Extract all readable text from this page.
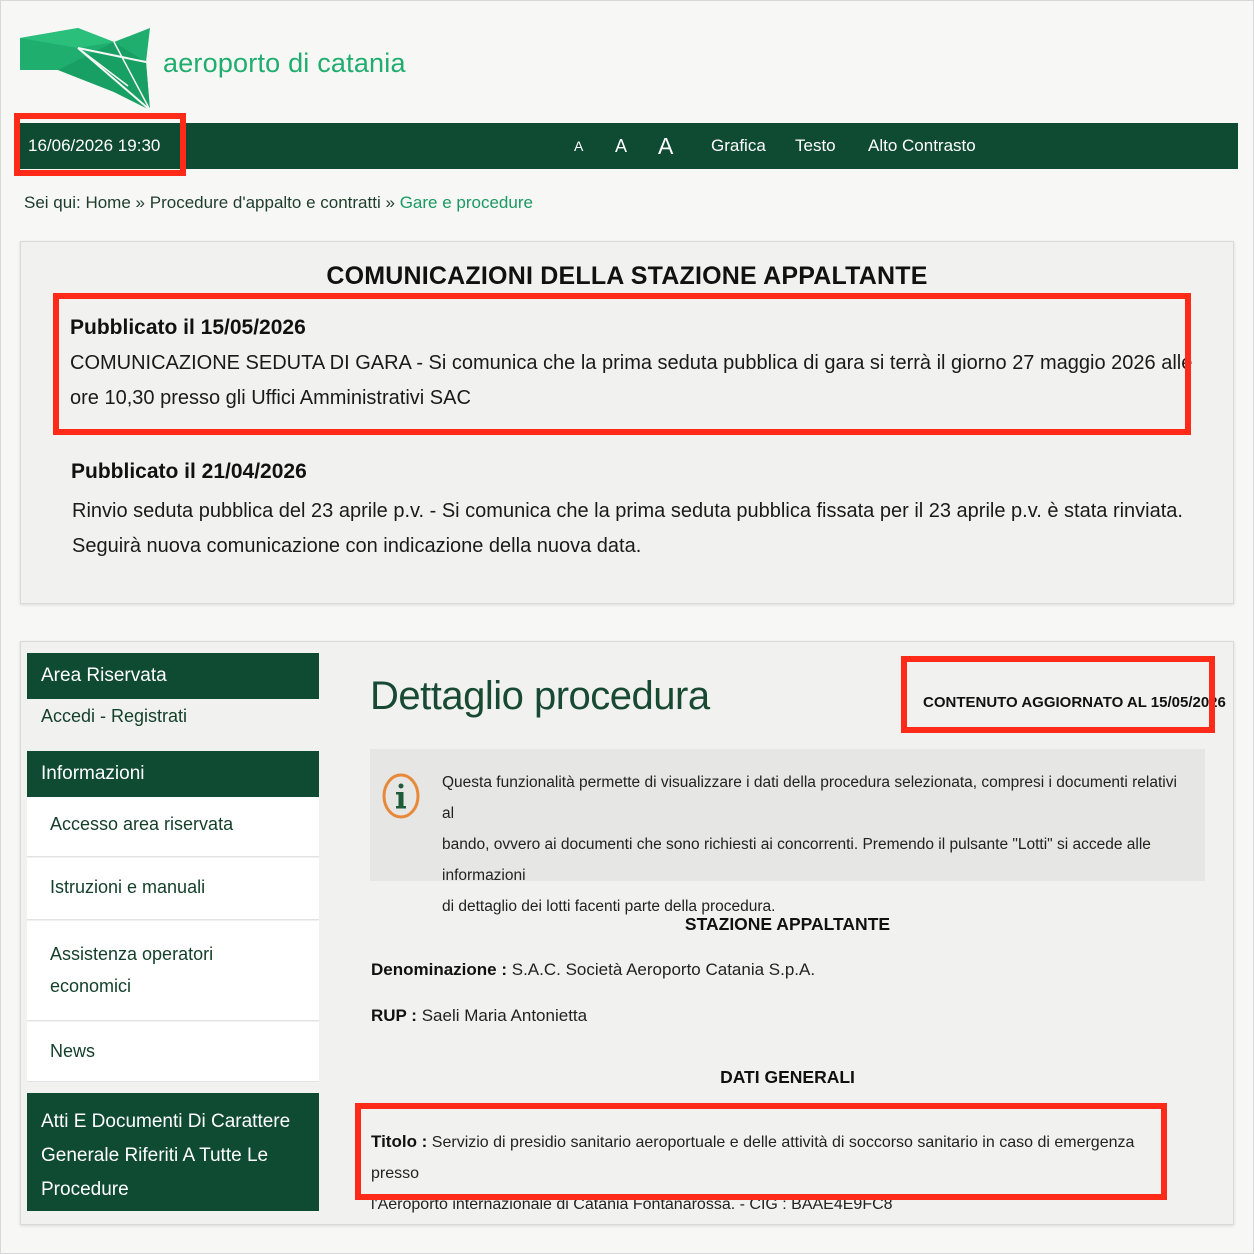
aeroporto di catania
16/06/2026 19:30	A A A Grafica Testo Alto Contrasto
Sei qui: Home » Procedure d'appalto e contratti » Gare e procedure
COMUNICAZIONI DELLA STAZIONE APPALTANTE
Pubblicato il 15/05/2026
COMUNICAZIONE SEDUTA DI GARA - Si comunica che la prima seduta pubblica di gara si terrà il giorno 27 maggio 2026 alle
ore 10,30 presso gli Uffici Amministrativi SAC
Pubblicato il 21/04/2026
Rinvio seduta pubblica del 23 aprile p.v. - Si comunica che la prima seduta pubblica fissata per il 23 aprile p.v. è stata rinviata.
Seguirà nuova comunicazione con indicazione della nuova data.
Area Riservata
Accedi - Registrati
Informazioni
Accesso area riservata
Istruzioni e manuali
Assistenza operatori
economici
News
Atti E Documenti Di Carattere
Generale Riferiti A Tutte Le
Procedure
Dettaglio procedura	CONTENUTO AGGIORNATO AL 15/05/2026
Questa funzionalità permette di visualizzare i dati della procedura selezionata, compresi i documenti relativi al
bando, ovvero ai documenti che sono richiesti ai concorrenti. Premendo il pulsante "Lotti" si accede alle informazioni
di dettaglio dei lotti facenti parte della procedura.
STAZIONE APPALTANTE
Denominazione : S.A.C. Società Aeroporto Catania S.p.A.
RUP : Saeli Maria Antonietta
DATI GENERALI
Titolo : Servizio di presidio sanitario aeroportuale e delle attività di soccorso sanitario in caso di emergenza presso
l'Aeroporto internazionale di Catania Fontanarossa. - CIG : BAAE4E9FC8
